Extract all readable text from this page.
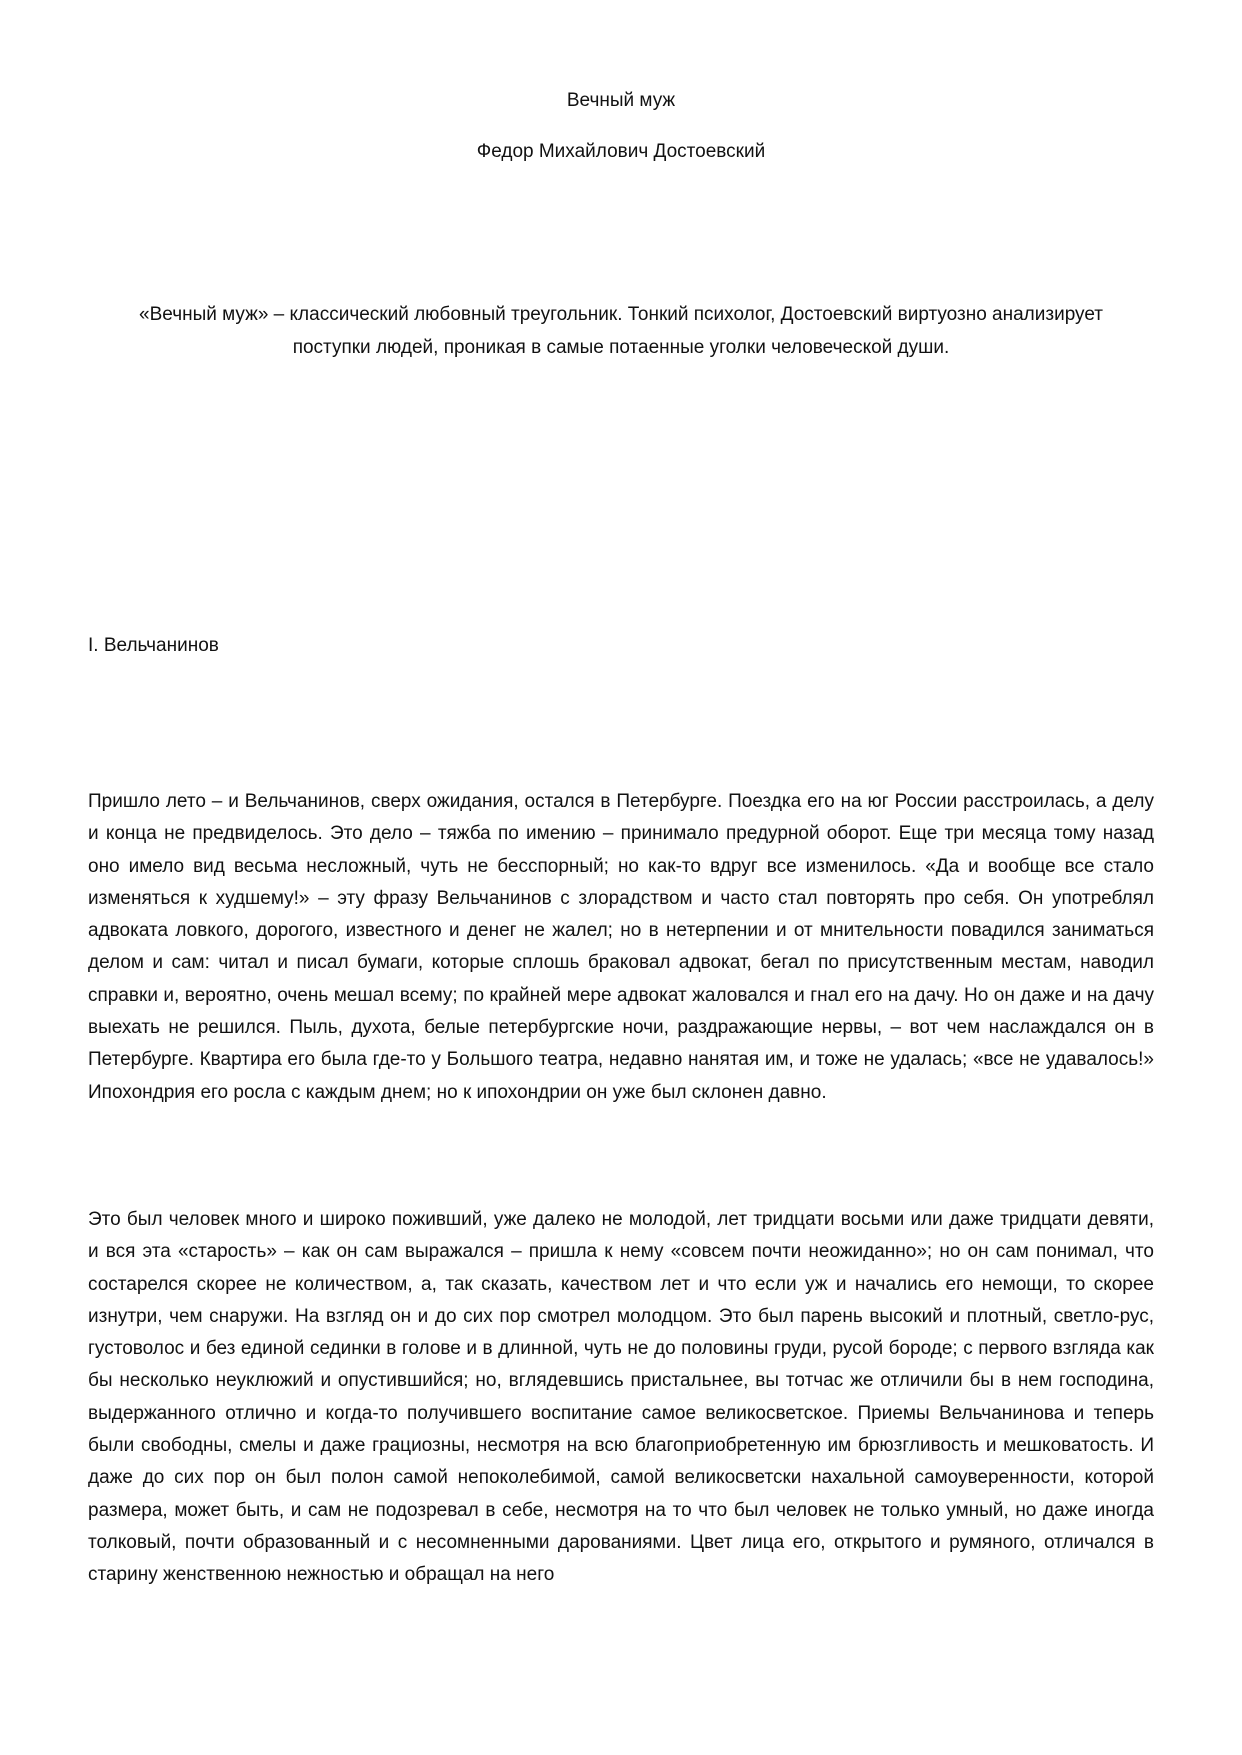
Вечный муж

Федор Михайлович Достоевский

«Вечный муж» – классический любовный треугольник. Тонкий психолог, Достоевский виртуозно анализирует поступки людей, проникая в самые потаенные уголки человеческой души.

I. Вельчанинов

Пришло лето – и Вельчанинов, сверх ожидания, остался в Петербурге. Поездка его на юг России расстроилась, а делу и конца не предвиделось. Это дело – тяжба по имению – принимало предурной оборот. Еще три месяца тому назад оно имело вид весьма несложный, чуть не бесспорный; но как-то вдруг все изменилось. «Да и вообще все стало изменяться к худшему!» – эту фразу Вельчанинов с злорадством и часто стал повторять про себя. Он употреблял адвоката ловкого, дорогого, известного и денег не жалел; но в нетерпении и от мнительности повадился заниматься делом и сам: читал и писал бумаги, которые сплошь браковал адвокат, бегал по присутственным местам, наводил справки и, вероятно, очень мешал всему; по крайней мере адвокат жаловался и гнал его на дачу. Но он даже и на дачу выехать не решился. Пыль, духота, белые петербургские ночи, раздражающие нервы, – вот чем наслаждался он в Петербурге. Квартира его была где-то у Большого театра, недавно нанятая им, и тоже не удалась; «все не удавалось!» Ипохондрия его росла с каждым днем; но к ипохондрии он уже был склонен давно.

Это был человек много и широко поживший, уже далеко не молодой, лет тридцати восьми или даже тридцати девяти, и вся эта «старость» – как он сам выражался – пришла к нему «совсем почти неожиданно»; но он сам понимал, что состарелся скорее не количеством, а, так сказать, качеством лет и что если уж и начались его немощи, то скорее изнутри, чем снаружи. На взгляд он и до сих пор смотрел молодцом. Это был парень высокий и плотный, светло-рус, густоволос и без единой сединки в голове и в длинной, чуть не до половины груди, русой бороде; с первого взгляда как бы несколько неуклюжий и опустившийся; но, вглядевшись пристальнее, вы тотчас же отличили бы в нем господина, выдержанного отлично и когда-то получившего воспитание самое великосветское. Приемы Вельчанинова и теперь были свободны, смелы и даже грациозны, несмотря на всю благоприобретенную им брюзгливость и мешковатость. И даже до сих пор он был полон самой непоколебимой, самой великосветски нахальной самоуверенности, которой размера, может быть, и сам не подозревал в себе, несмотря на то что был человек не только умный, но даже иногда толковый, почти образованный и с несомненными дарованиями. Цвет лица его, открытого и румяного, отличался в старину женственною нежностью и обращал на него
